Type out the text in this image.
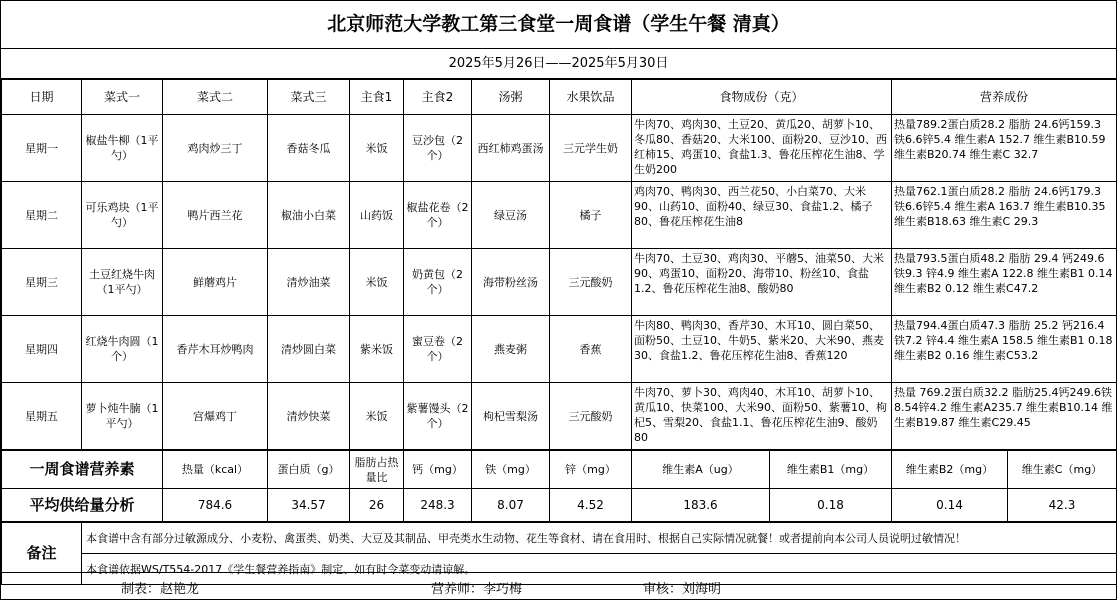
北京师范大学教工第三食堂一周食谱（学生午餐 清真）
2025年5月26日——2025年5月30日
日期	菜式一	菜式二	菜式三	主食1	主食2	汤粥	水果饮品	食物成份（克）	营养成份
星期一	椒盐牛柳（1平勺）	鸡肉炒三丁	香菇冬瓜	米饭	豆沙包（2个）	西红柿鸡蛋汤	三元学生奶	牛肉70、鸡肉30、土豆20、黄瓜20、胡萝卜10、冬瓜80、香菇20、大米100、面粉20、豆沙10、西红柿15、鸡蛋10、食盐1.3、鲁花压榨花生油8、学生奶200	热量789.2蛋白质28.2 脂肪 24.6钙159.3 铁6.6锌5.4 维生素A 152.7 维生素B10.59 维生素B20.74 维生素C 32.7
星期二	可乐鸡块（1平勺）	鸭片西兰花	椒油小白菜	山药饭	椒盐花卷（2个）	绿豆汤	橘子	鸡肉70、鸭肉30、西兰花50、小白菜70、大米90、山药10、面粉40、绿豆30、食盐1.2、橘子80、鲁花压榨花生油8	热量762.1蛋白质28.2 脂肪 24.6钙179.3 铁6.6锌5.4 维生素A 163.7 维生素B10.35 维生素B18.63 维生素C 29.3
星期三	土豆红烧牛肉（1平勺）	鲜蘑鸡片	清炒油菜	米饭	奶黄包（2个）	海带粉丝汤	三元酸奶	牛肉70、土豆30、鸡肉30、平蘑5、油菜50、大米90、鸡蛋10、面粉20、海带10、粉丝10、食盐1.2、鲁花压榨花生油8、酸奶80	热量793.5蛋白质48.2 脂肪 29.4 钙249.6 铁9.3 锌4.9 维生素A 122.8 维生素B1 0.14 维生素B2 0.12 维生素C47.2
星期四	红烧牛肉圆（1个）	香芹木耳炒鸭肉	清炒圆白菜	紫米饭	蜜豆卷（2个）	燕麦粥	香蕉	牛肉80、鸭肉30、香芹30、木耳10、圆白菜50、面粉50、土豆10、牛奶5、紫米20、大米90、燕麦30、食盐1.2、鲁花压榨花生油8、香蕉120	热量794.4蛋白质47.3 脂肪 25.2 钙216.4 铁7.2 锌4.4 维生素A 158.5 维生素B1 0.18 维生素B2 0.16 维生素C53.2
星期五	萝卜炖牛腩（1平勺）	宫爆鸡丁	清炒快菜	米饭	紫薯馒头（2个）	枸杞雪梨汤	三元酸奶	牛肉70、萝卜30、鸡肉40、木耳10、胡萝卜10、黄瓜10、快菜100、大米90、面粉50、紫薯10、枸杞5、雪梨20、食盐1.1、鲁花压榨花生油9、酸奶80	热量 769.2蛋白质32.2 脂肪25.4钙249.6铁8.54锌4.2 维生素A235.7 维生素B10.14 维生素B19.87 维生素C29.45
一周食谱营养素	热量（kcal）	蛋白质（g）	脂肪占热量比	钙（mg）	铁（mg）	锌（mg）	维生素A（ug）	维生素B1（mg）	维生素B2（mg）	维生素C（mg）
平均供给量分析	784.6	34.57	26	248.3	8.07	4.52	183.6	0.18	0.14	42.3
备注	本食谱中含有部分过敏源成分、小麦粉、禽蛋类、奶类、大豆及其制品、甲壳类水生动物、花生等食材、请在食用时、根据自己实际情况就餐！或者提前向本公司人员说明过敏情况！
本食谱依据WS/T554-2017《学生餐营养指南》制定、如有时令菜变动请谅解。
制表：赵艳龙	营养师：李巧梅	审核：刘海明
